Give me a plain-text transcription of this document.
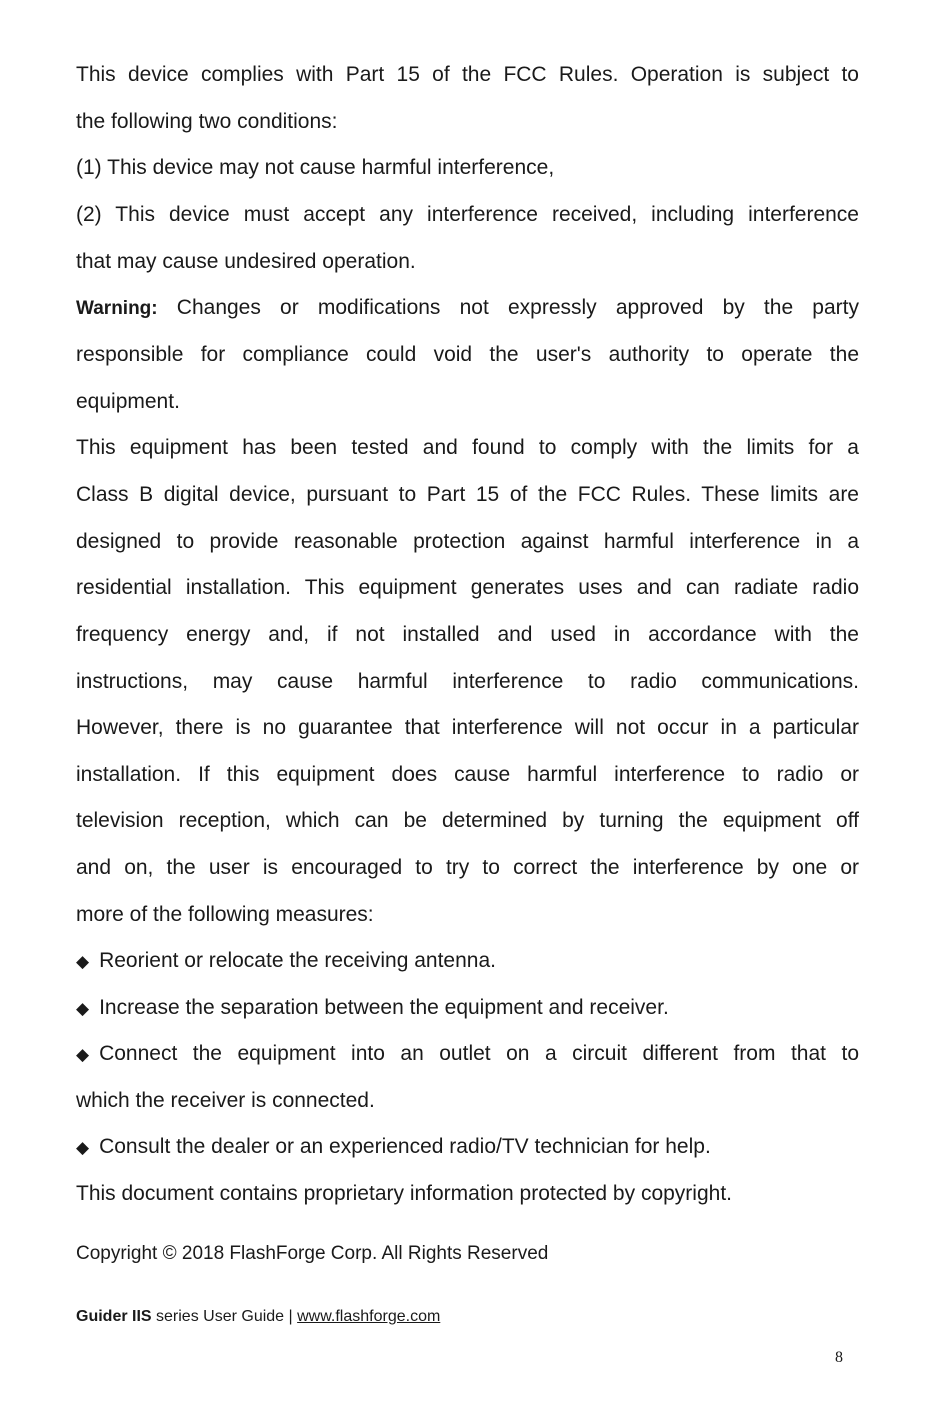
This device complies with Part 15 of the FCC Rules. Operation is subject to
the following two conditions:
(1) This device may not cause harmful interference,
(2) This device must accept any interference received, including interference
that may cause undesired operation.
Warning: Changes or modifications not expressly approved by the party
responsible for compliance could void the user's authority to operate the
equipment.
This equipment has been tested and found to comply with the limits for a
Class B digital device, pursuant to Part 15 of the FCC Rules. These limits are
designed to provide reasonable protection against harmful interference in a
residential installation. This equipment generates uses and can radiate radio
frequency energy and, if not installed and used in accordance with the
instructions, may cause harmful interference to radio communications.
However, there is no guarantee that interference will not occur in a particular
installation. If this equipment does cause harmful interference to radio or
television reception, which can be determined by turning the equipment off
and on, the user is encouraged to try to correct the interference by one or
more of the following measures:
◆ Reorient or relocate the receiving antenna.
◆ Increase the separation between the equipment and receiver.
◆ Connect the equipment into an outlet on a circuit different from that to
which the receiver is connected.
◆ Consult the dealer or an experienced radio/TV technician for help.
This document contains proprietary information protected by copyright.
Copyright © 2018 FlashForge Corp. All Rights Reserved
Guider IIS series User Guide | www.flashforge.com
8
